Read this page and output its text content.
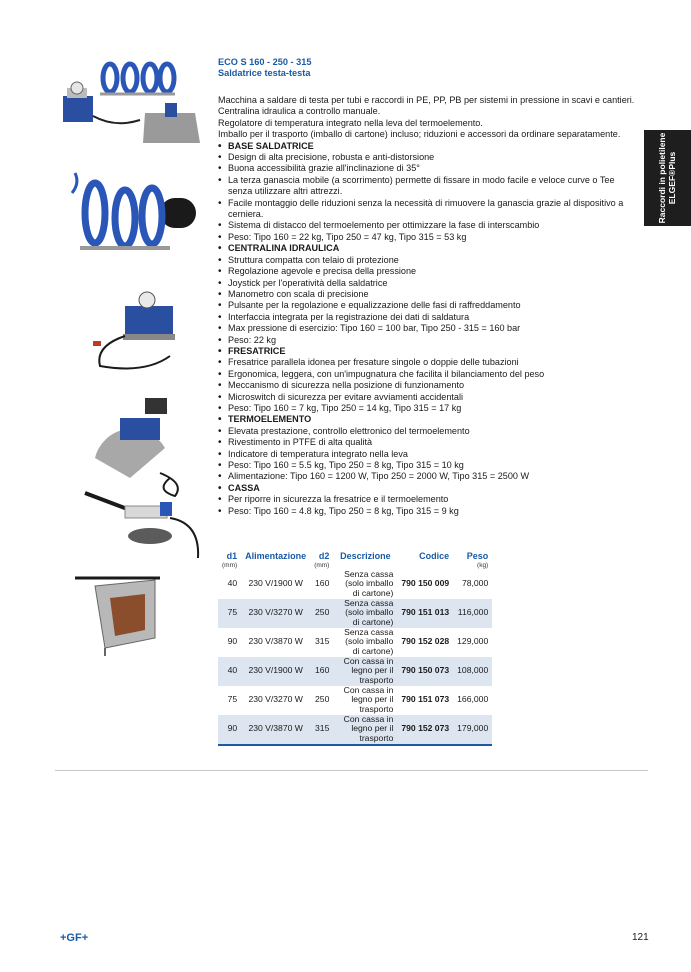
Raccordi in polietilene ELGEF®Plus
ECO S 160 - 250 - 315
Saldatrice testa-testa

Macchina a saldare di testa per tubi e raccordi in PE, PP, PB per sistemi in pressione in scavi e cantieri.

Centralina idraulica a controllo manuale.

Regolatore di temperatura integrato nella leva del termoelemento.

Imballo per il trasporto (imballo di cartone) incluso; riduzioni e accessori da ordinare separatamente.

• BASE SALDATRICE
• Design di alta precisione, robusta e anti-distorsione
• Buona accessibilità grazie all'inclinazione di 35°
• La terza ganascia mobile (a scorrimento) permette di fissare in modo facile e veloce curve o Tee senza utilizzare altri attrezzi.
• Facile montaggio delle riduzioni senza la necessità di rimuovere la ganascia grazie al dispositivo a cerniera.
• Sistema di distacco del termoelemento per ottimizzare la fase di interscambio
• Peso: Tipo 160 = 22 kg, Tipo 250 = 47 kg, Tipo 315 = 53 kg
• CENTRALINA IDRAULICA
• Struttura compatta con telaio di protezione
• Regolazione agevole e precisa della pressione
• Joystick per l'operatività della saldatrice
• Manometro con scala di precisione
• Pulsante per la regolazione e equalizzazione delle fasi di raffreddamento
• Interfaccia integrata per la registrazione dei dati di saldatura
• Max pressione di esercizio: Tipo 160 = 100 bar, Tipo 250 - 315 = 160 bar
• Peso: 22 kg
• FRESATRICE
• Fresatrice parallela idonea per fresature singole o doppie delle tubazioni
• Ergonomica, leggera, con un'impugnatura che facilita il bilanciamento del peso
• Meccanismo di sicurezza nella posizione di funzionamento
• Microswitch di sicurezza per evitare avviamenti accidentali
• Peso: Tipo 160 = 7 kg, Tipo 250 = 14 kg, Tipo 315 = 17 kg
• TERMOELEMENTO
• Elevata prestazione, controllo elettronico del termoelemento
• Rivestimento in PTFE di alta qualità
• Indicatore di temperatura integrato nella leva
• Peso: Tipo 160 = 5.5 kg, Tipo 250 = 8 kg, Tipo 315 = 10 kg
• Alimentazione: Tipo 160 = 1200 W, Tipo 250 = 2000 W, Tipo 315 = 2500 W
• CASSA
• Per riporre in sicurezza la fresatrice e il termoelemento
• Peso: Tipo 160 = 4.8 kg, Tipo 250 = 8 kg, Tipo 315 = 9 kg
d1	Alimentazione	d2	Descrizione	Codice	Peso
(mm)		(mm)			(kg)
40	230 V/1900 W	160	Senza cassa (solo imballo di cartone)	790 150 009	78,000
75	230 V/3270 W	250	Senza cassa (solo imballo di cartone)	790 151 013	116,000
90	230 V/3870 W	315	Senza cassa (solo imballo di cartone)	790 152 028	129,000
40	230 V/1900 W	160	Con cassa in legno per il trasporto	790 150 073	108,000
75	230 V/3270 W	250	Con cassa in legno per il trasporto	790 151 073	166,000
90	230 V/3870 W	315	Con cassa in legno per il trasporto	790 152 073	179,000
+GF+	121
